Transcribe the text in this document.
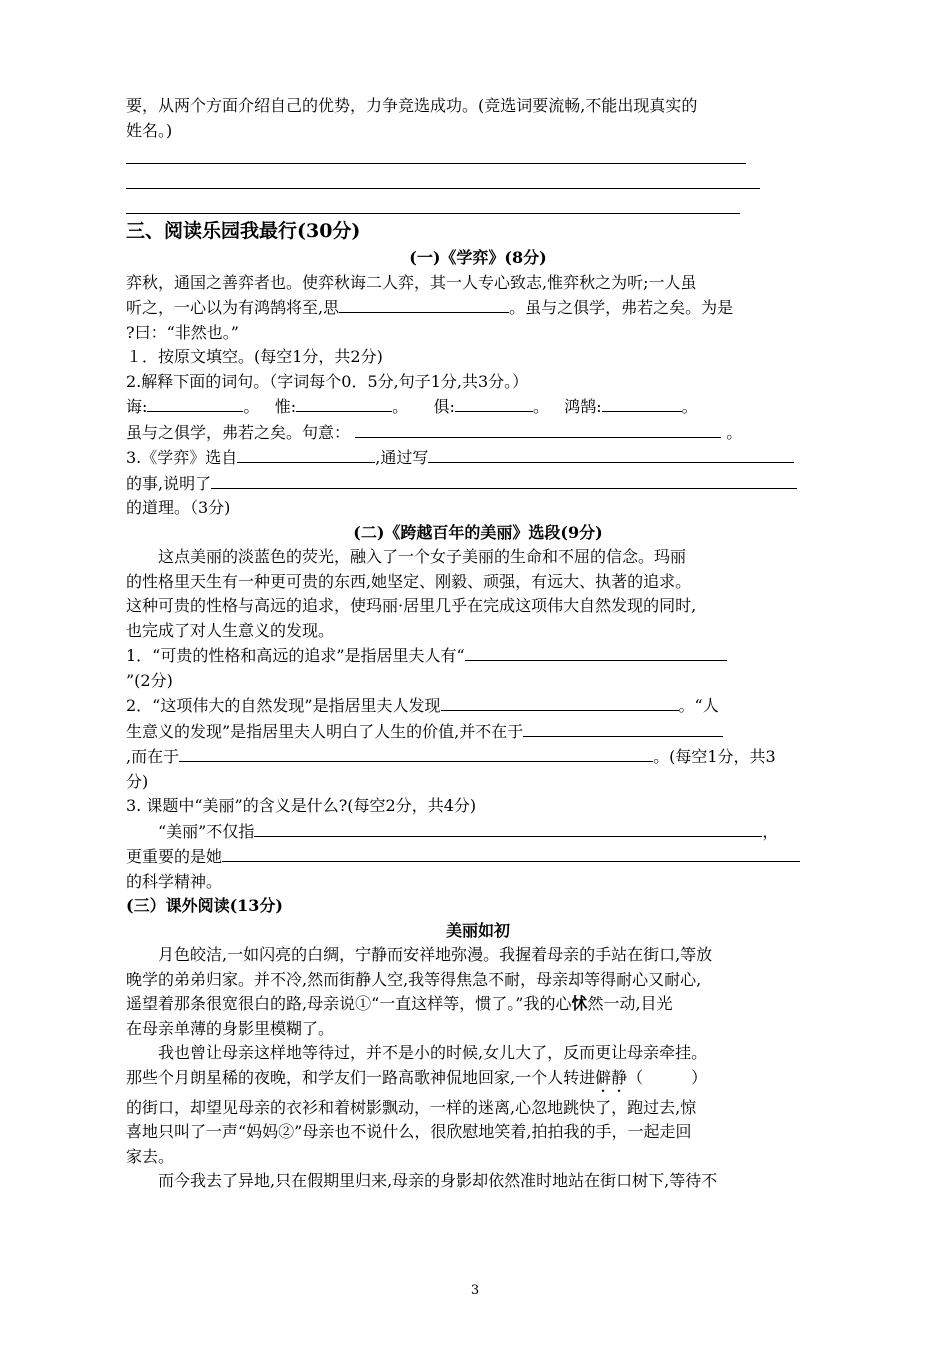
要，从两个方面介绍自己的优势，力争竞选成功。(竞选词要流畅,不能出现真实的

姓名。)

三、阅读乐园我最行(30分)

(一)《学弈》(8分)

弈秋，通国之善弈者也。使弈秋诲二人弈，其一人专心致志,惟弈秋之为听;一人虽

听之，一心以为有鸿鹄将至,思	。虽与之俱学，弗若之矣。为是

?曰：“非然也。”

１．按原文填空。(每空1分，共2分)

2.解释下面的词句。（字词每个0．5分,句子1分,共3分。）

诲:	。 惟:	。 俱:	。 鸿鹄:	。

虽与之俱学，弗若之矣。句意：	。

3.《学弈》选自	,通过写

的事,说明了

的道理。（3分)

(二)《跨越百年的美丽》选段(9分)

　　这点美丽的淡蓝色的荧光，融入了一个女子美丽的生命和不屈的信念。玛丽

的性格里天生有一种更可贵的东西,她坚定、刚毅、顽强，有远大、执著的追求。

这种可贵的性格与高远的追求，使玛丽·居里几乎在完成这项伟大自然发现的同时,

也完成了对人生意义的发现。

1．“可贵的性格和高远的追求”是指居里夫人有“

”(2分)

2．“这项伟大的自然发现”是指居里夫人发现	。“人

生意义的发现”是指居里夫人明白了人生的价值,并不在于

,而在于	。(每空1分，共3

分)

3. 课题中“美丽”的含义是什么?(每空2分，共4分)

　　“美丽”不仅指	，

更重要的是她

的科学精神。

(三）课外阅读(13分)

美丽如初

　　月色皎洁,一如闪亮的白绸，宁静而安祥地弥漫。我握着母亲的手站在街口,等放

晚学的弟弟归家。并不冷,然而街静人空,我等得焦急不耐，母亲却等得耐心又耐心,

遥望着那条很宽很白的路,母亲说①“一直这样等，惯了。”我的心怵然一动,目光

在母亲单薄的身影里模糊了。

　　我也曾让母亲这样地等待过，并不是小的时候,女儿大了，反而更让母亲牵挂。

那些个月朗星稀的夜晚，和学友们一路高歌神侃地回家,一个人转进僻静（　　　）

的街口，却望见母亲的衣衫和着树影飘动，一样的迷离,心忽地跳快了，跑过去,惊

喜地只叫了一声“妈妈②”母亲也不说什么，很欣慰地笑着,拍拍我的手，一起走回

家去。

　　而今我去了异地,只在假期里归来,母亲的身影却依然准时地站在街口树下,等待不

3
